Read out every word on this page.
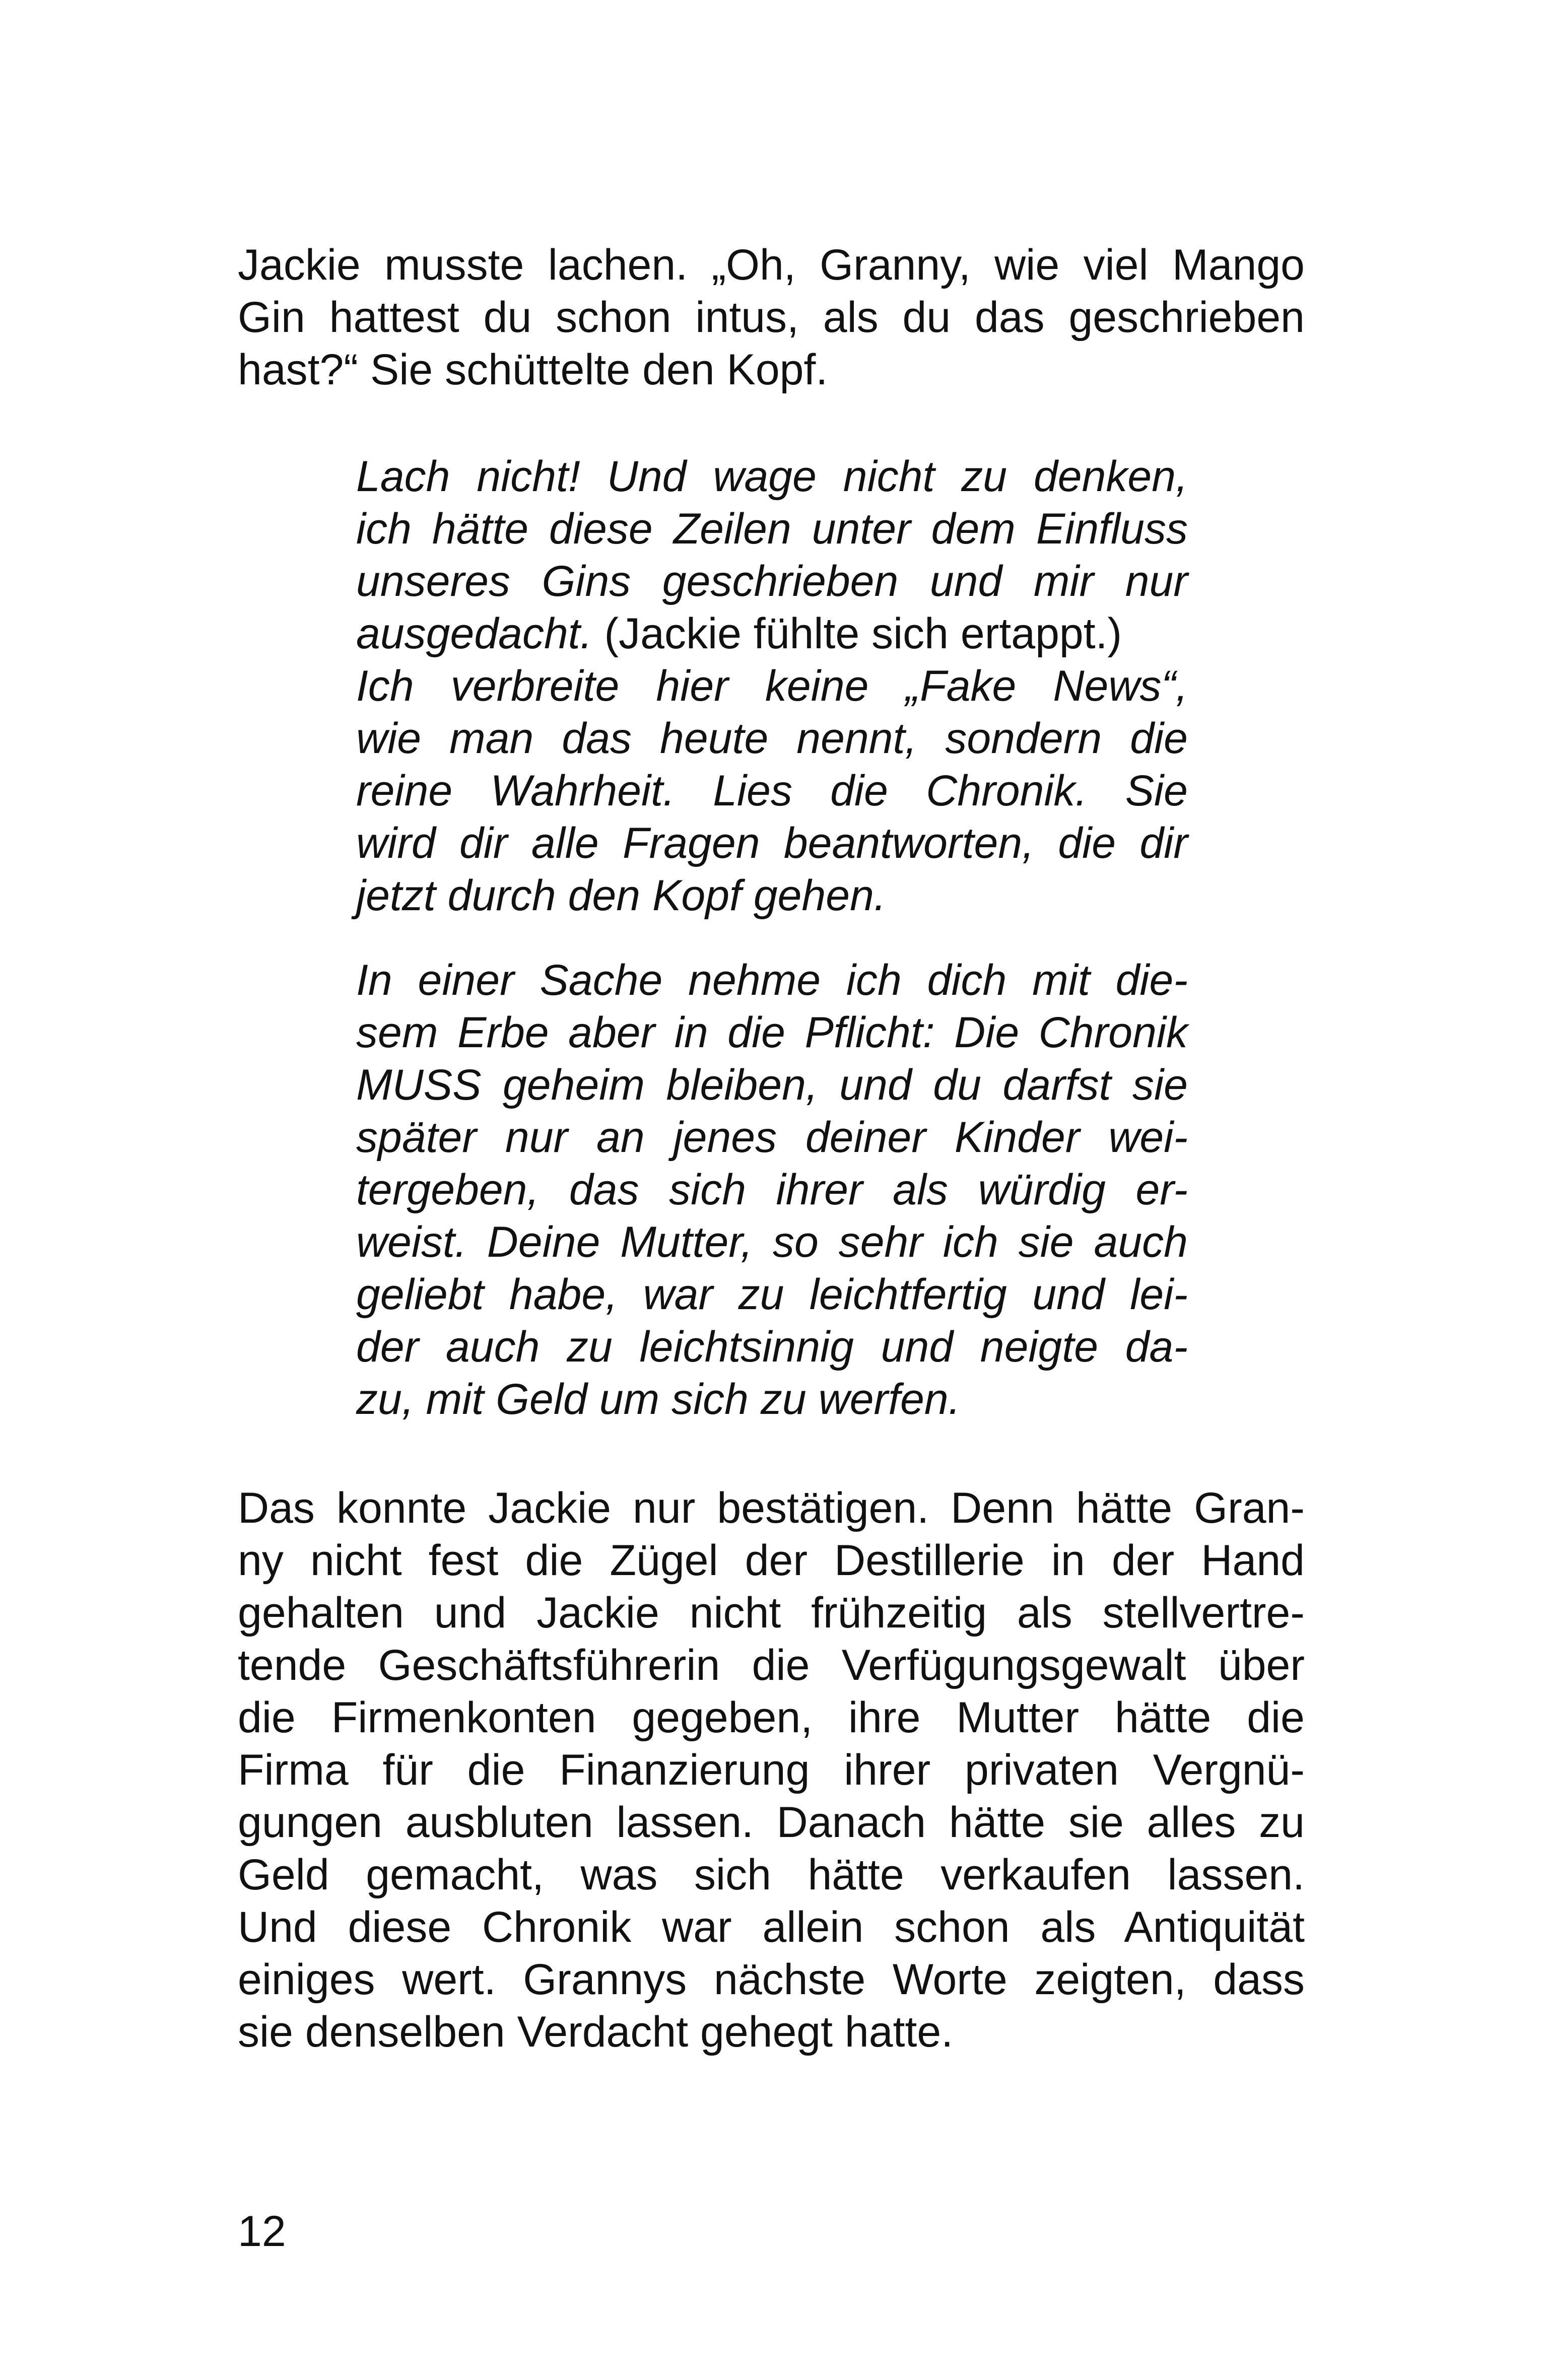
Jackie musste lachen. „Oh, Granny, wie viel Mango
Gin hattest du schon intus, als du das geschrieben
hast?“ Sie schüttelte den Kopf.
Lach nicht! Und wage nicht zu denken,
ich hätte diese Zeilen unter dem Einfluss
unseres Gins geschrieben und mir nur
ausgedacht. (Jackie fühlte sich ertappt.)
Ich verbreite hier keine „Fake News“,
wie man das heute nennt, sondern die
reine Wahrheit. Lies die Chronik. Sie
wird dir alle Fragen beantworten, die dir
jetzt durch den Kopf gehen.
In einer Sache nehme ich dich mit die-
sem Erbe aber in die Pflicht: Die Chronik
MUSS geheim bleiben, und du darfst sie
später nur an jenes deiner Kinder wei-
tergeben, das sich ihrer als würdig er-
weist. Deine Mutter, so sehr ich sie auch
geliebt habe, war zu leichtfertig und lei-
der auch zu leichtsinnig und neigte da-
zu, mit Geld um sich zu werfen.
Das konnte Jackie nur bestätigen. Denn hätte Gran-
ny nicht fest die Zügel der Destillerie in der Hand
gehalten und Jackie nicht frühzeitig als stellvertre-
tende Geschäftsführerin die Verfügungsgewalt über
die Firmenkonten gegeben, ihre Mutter hätte die
Firma für die Finanzierung ihrer privaten Vergnü-
gungen ausbluten lassen. Danach hätte sie alles zu
Geld gemacht, was sich hätte verkaufen lassen.
Und diese Chronik war allein schon als Antiquität
einiges wert. Grannys nächste Worte zeigten, dass
sie denselben Verdacht gehegt hatte.
12
